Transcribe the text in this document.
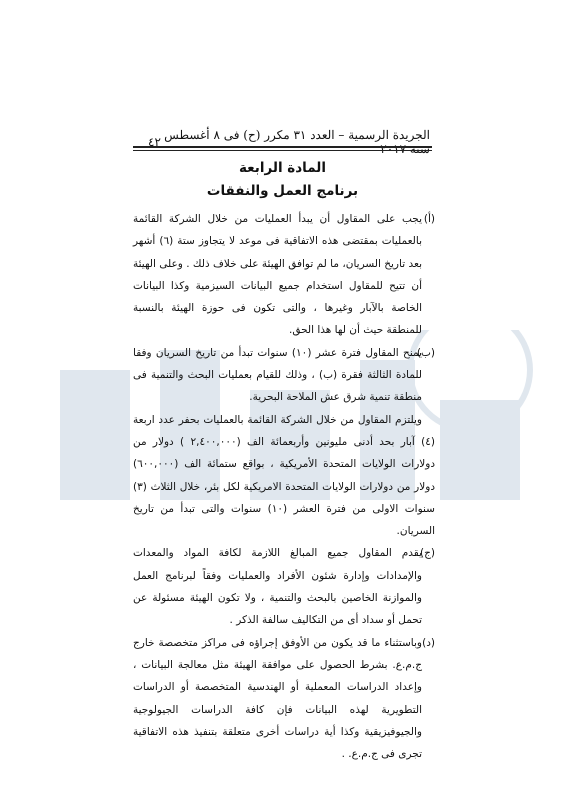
الجريدة الرسمية – العدد ٣١ مكرر (ح) فى ٨ أغسطس سنة ٢٠١٧
٤٢
المادة الرابعة
برنامج العمل والنفقات

(أ)
يجب على المقاول أن يبدأ العمليات من خلال الشركة القائمة بالعمليات بمقتضى هذه الاتفاقية فى موعد لا يتجاوز ستة (٦) أشهر بعد تاريخ السريان، ما لم توافق الهيئة على خلاف ذلك . وعلى الهيئة أن تتيح للمقاول استخدام جميع البيانات السيزمية وكذا البيانات الخاصة بالآبار وغيرها ، والتى تكون فى حوزة الهيئة بالنسبة للمنطقة حيث أن لها هذا الحق.

(ب)
يمنح المقاول فترة عشر (١٠) سنوات تبدأ من تاريخ السريان وفقا للمادة الثالثة فقرة (ب) ، وذلك للقيام بعمليات البحث والتنمية فى منطقة تنمية شرق عش الملاحة البحرية.

ويلتزم المقاول من خلال الشركة القائمة بالعمليات بحفر عدد اربعة (٤) آبار بحد أدنى مليونين وأربعمائة الف (٢,٤٠٠,٠٠٠ ) دولار من دولارات الولايات المتحدة الأمريكية ، بواقع ستمائة الف (٦٠٠,٠٠٠) دولار من دولارات الولايات المتحدة الامريكية لكل بئر، خلال الثلاث (٣) سنوات الاولى من فترة العشر (١٠) سنوات والتى تبدأ من تاريخ السريان.

(ج)
يقدم المقاول جميع المبالغ اللازمة لكافة المواد والمعدات والإمدادات وإدارة شئون الأفراد والعمليات وفقاً لبرنامج العمل والموازنة الخاصين بالبحث والتنمية ، ولا تكون الهيئة مسئولة عن تحمل أو سداد أى من التكاليف سالفة الذكر .

(د)
وباستثناء ما قد يكون من الأوفق إجراؤه فى مراكز متخصصة خارج ج.م.ع. بشرط الحصول على موافقة الهيئة مثل معالجة البيانات ، وإعداد الدراسات المعملية أو الهندسية المتخصصة أو الدراسات التطويرية لهذه البيانات فإن كافة الدراسات الجيولوجية والجيوفيزيقية وكذا أية دراسات أخرى متعلقة بتنفيذ هذه الاتفاقية تجرى فى ج.م.ع. .
